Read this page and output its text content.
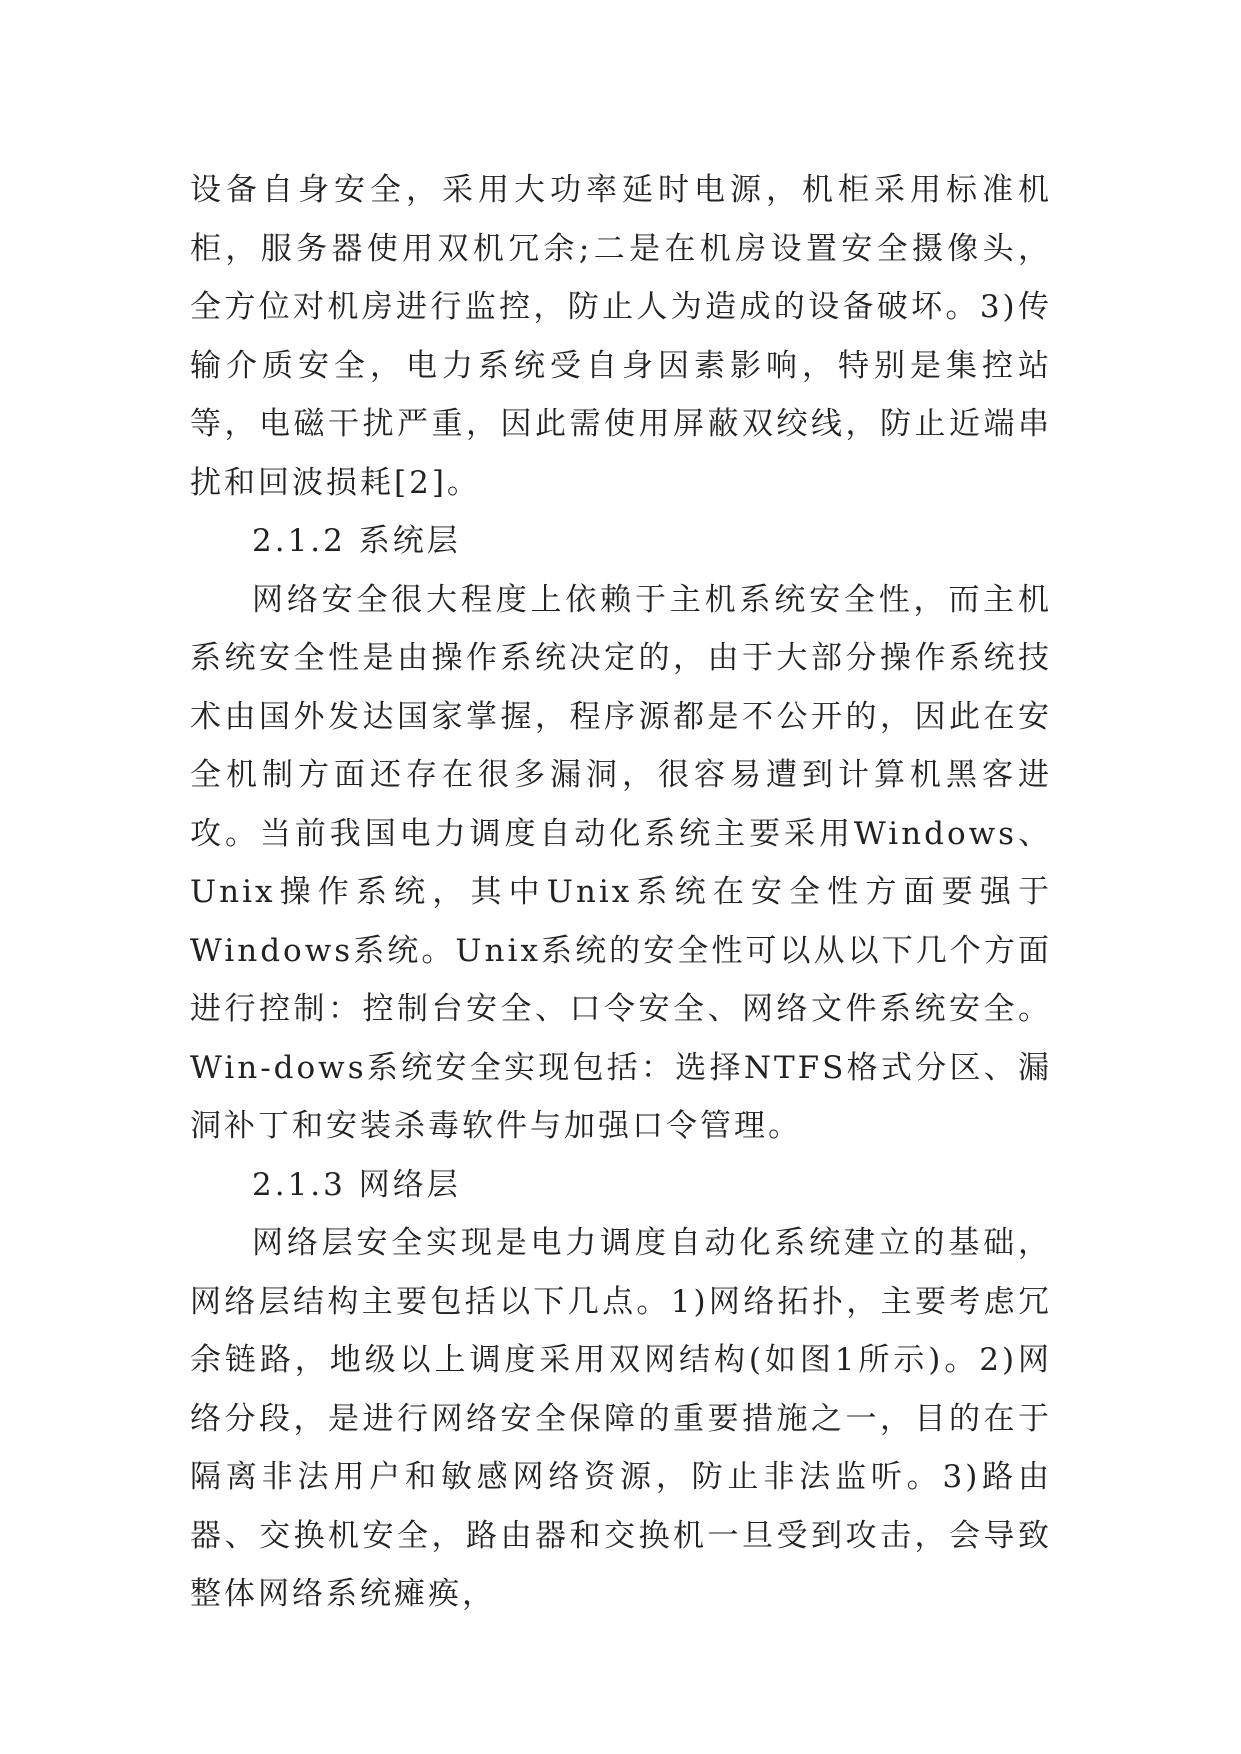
设备自身安全，采用大功率延时电源，机柜采用标准机柜，服务器使用双机冗余;二是在机房设置安全摄像头，全方位对机房进行监控，防止人为造成的设备破坏。3)传输介质安全，电力系统受自身因素影响，特别是集控站等，电磁干扰严重，因此需使用屏蔽双绞线，防止近端串扰和回波损耗[2]。

2.1.2 系统层

网络安全很大程度上依赖于主机系统安全性，而主机系统安全性是由操作系统决定的，由于大部分操作系统技术由国外发达国家掌握，程序源都是不公开的，因此在安全机制方面还存在很多漏洞，很容易遭到计算机黑客进攻。当前我国电力调度自动化系统主要采用Windows、Unix操作系统，其中Unix系统在安全性方面要强于Windows系统。Unix系统的安全性可以从以下几个方面进行控制：控制台安全、口令安全、网络文件系统安全。Win-dows系统安全实现包括：选择NTFS格式分区、漏洞补丁和安装杀毒软件与加强口令管理。

2.1.3 网络层

网络层安全实现是电力调度自动化系统建立的基础，网络层结构主要包括以下几点。1)网络拓扑，主要考虑冗余链路，地级以上调度采用双网结构(如图1所示)。2)网络分段，是进行网络安全保障的重要措施之一，目的在于隔离非法用户和敏感网络资源，防止非法监听。3)路由器、交换机安全，路由器和交换机一旦受到攻击，会导致整体网络系统瘫痪，
